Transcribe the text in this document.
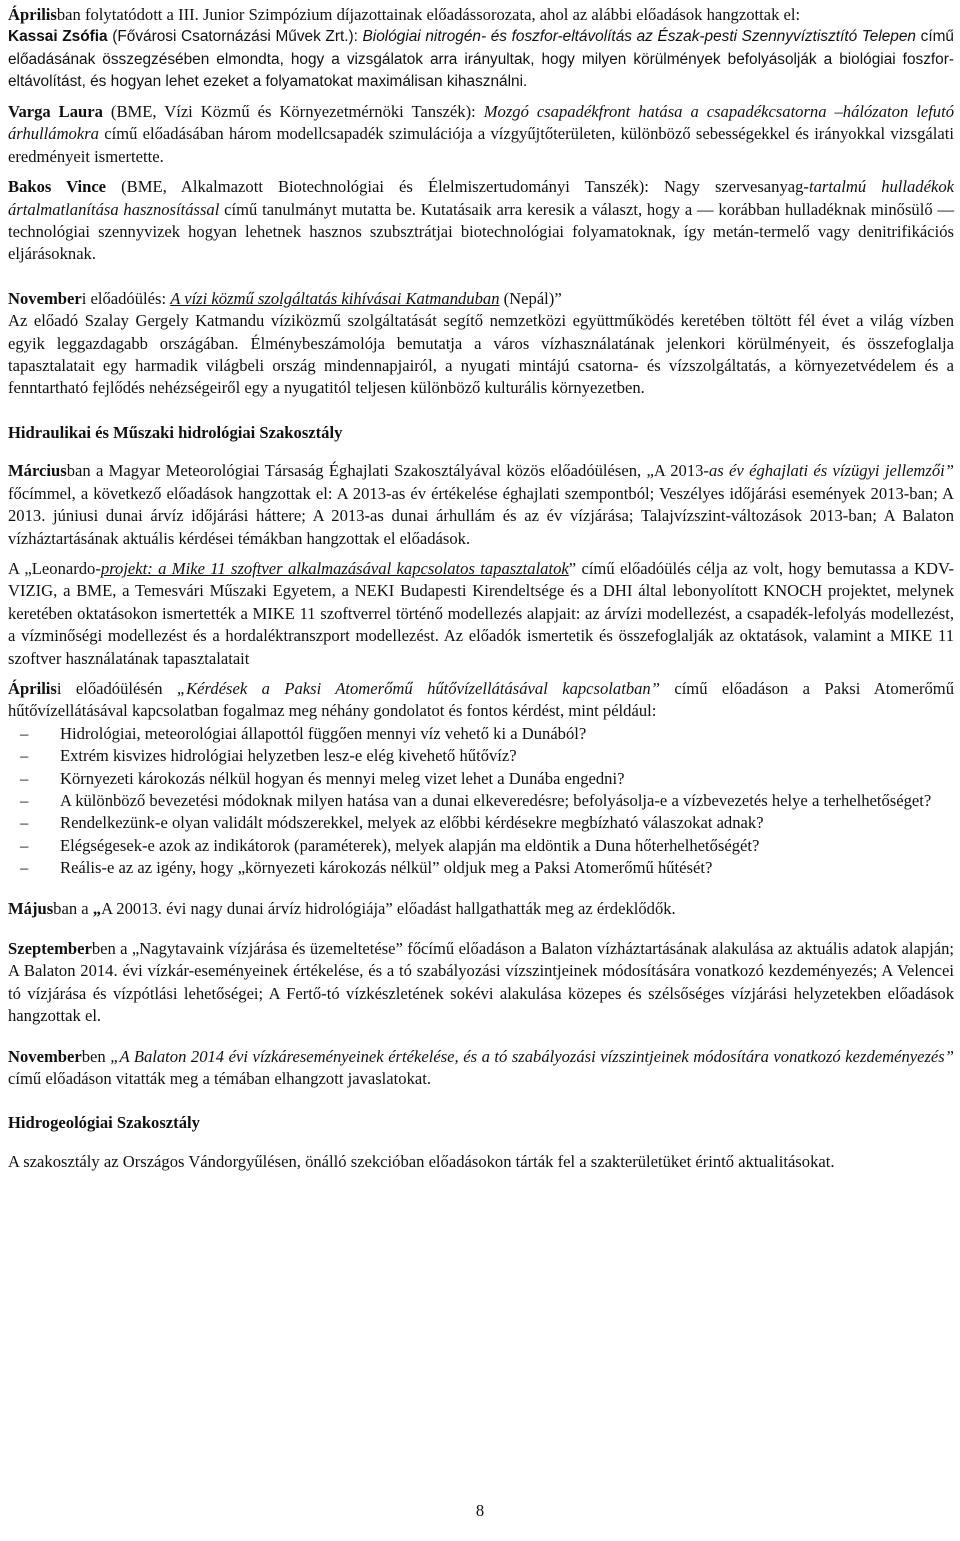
Áprilisban folytatódott a III. Junior Szimpózium díjazottainak előadássorozata, ahol az alábbi előadások hangzottak el:

Kassai Zsófia (Fővárosi Csatornázási Művek Zrt.): Biológiai nitrogén- és foszfor-eltávolítás az Észak-pesti Szennyvíztisztító Telepen című előadásának összegzésében elmondta, hogy a vizsgálatok arra irányultak, hogy milyen körülmények befolyásolják a biológiai foszfor-eltávolítást, és hogyan lehet ezeket a folyamatokat maximálisan kihasználni.

Varga Laura (BME, Vízi Közmű és Környezetmérnöki Tanszék): Mozgó csapadékfront hatása a csapadékcsatorna –hálózaton lefutó árhullámokra című előadásában három modellcsapadék szimulációja a vízgyűjtőterületen, különböző sebességekkel és irányokkal vizsgálati eredményeit ismertette.

Bakos Vince (BME, Alkalmazott Biotechnológiai és Élelmiszertudományi Tanszék): Nagy szervesanyag-tartalmú hulladékok ártalmatlanítása hasznosítással című tanulmányt mutatta be. Kutatásaik arra keresik a választ, hogy a — korábban hulladéknak minősülő — technológiai szennyvizek hogyan lehetnek hasznos szubsztrátjai biotechnológiai folyamatoknak, így metán-termelő vagy denitrifikációs eljárásoknak.

Novemberi előadóülés: A vízi közmű szolgáltatás kihívásai Katmanduban (Nepál)”

Az előadó Szalay Gergely Katmandu víziközmű szolgáltatását segítő nemzetközi együttműködés keretében töltött fél évet a világ vízben egyik leggazdagabb országában. Élménybeszámolója bemutatja a város vízhasználatának jelenkori körülményeit, és összefoglalja tapasztalatait egy harmadik világbeli ország mindennapjairól, a nyugati mintájú csatorna- és vízszolgáltatás, a környezetvédelem és a fenntartható fejlődés nehézségeiről egy a nyugatitól teljesen különböző kulturális környezetben.

Hidraulikai és Műszaki hidrológiai Szakosztály

Márciusban a Magyar Meteorológiai Társaság Éghajlati Szakosztályával közös előadóülésen, „A 2013-as év éghajlati és vízügyi jellemzői” főcímmel, a következő előadások hangzottak el: A 2013-as év értékelése éghajlati szempontból; Veszélyes időjárási események 2013-ban; A 2013. júniusi dunai árvíz időjárási háttere; A 2013-as dunai árhullám és az év vízjárása; Talajvízszint-változások 2013-ban; A Balaton vízháztartásának aktuális kérdései témákban hangzottak el előadások.

A „Leonardo-projekt: a Mike 11 szoftver alkalmazásával kapcsolatos tapasztalatok” című előadóülés célja az volt, hogy bemutassa a KDV-VIZIG, a BME, a Temesvári Műszaki Egyetem, a NEKI Budapesti Kirendeltsége és a DHI által lebonyolított KNOCH projektet, melynek keretében oktatásokon ismertették a MIKE 11 szoftverrel történő modellezés alapjait: az árvízi modellezést, a csapadék-lefolyás modellezést, a vízminőségi modellezést és a hordaléktranszport modellezést. Az előadók ismertetik és összefoglalják az oktatások, valamint a MIKE 11 szoftver használatának tapasztalatait

Áprilisi előadóülésén „Kérdések a Paksi Atomerőmű hűtővízellátásával kapcsolatban” című előadáson a Paksi Atomerőmű hűtővízellátásával kapcsolatban fogalmaz meg néhány gondolatot és fontos kérdést, mint például:

– Hidrológiai, meteorológiai állapottól függően mennyi víz vehető ki a Dunából?
– Extrém kisvizes hidrológiai helyzetben lesz-e elég kivehető hűtővíz?
– Környezeti károkozás nélkül hogyan és mennyi meleg vizet lehet a Dunába engedni?
– A különböző bevezetési módoknak milyen hatása van a dunai elkeveredésre; befolyásolja-e a vízbevezetés helye a terhelhetőséget?
– Rendelkezünk-e olyan validált módszerekkel, melyek az előbbi kérdésekre megbízható válaszokat adnak?
– Elégségesek-e azok az indikátorok (paraméterek), melyek alapján ma eldöntik a Duna hőterhelhetőségét?
– Reális-e az az igény, hogy „környezeti károkozás nélkül” oldjuk meg a Paksi Atomerőmű hűtését?

Májusban a „A 20013. évi nagy dunai árvíz hidrológiája” előadást hallgathatták meg az érdeklődők.

Szeptemberben a „Nagytavaink vízjárása és üzemeltetése” főcímű előadáson a Balaton vízháztartásának alakulása az aktuális adatok alapján; A Balaton 2014. évi vízkár-eseményeinek értékelése, és a tó szabályozási vízszintjeinek módosítására vonatkozó kezdeményezés; A Velencei tó vízjárása és vízpótlási lehetőségei; A Fertő-tó vízkészletének sokévi alakulása közepes és szélsőséges vízjárási helyzetekben előadások hangzottak el.

Novemberben „A Balaton 2014 évi vízkáreseményeinek értékelése, és a tó szabályozási vízszintjeinek módosítára vonatkozó kezdeményezés” című előadáson vitatták meg a témában elhangzott javaslatokat.

Hidrogeológiai Szakosztály

A szakosztály az Országos Vándorgyűlésen, önálló szekcióban előadásokon tárták fel a szakterületüket érintő aktualitásokat.

8
